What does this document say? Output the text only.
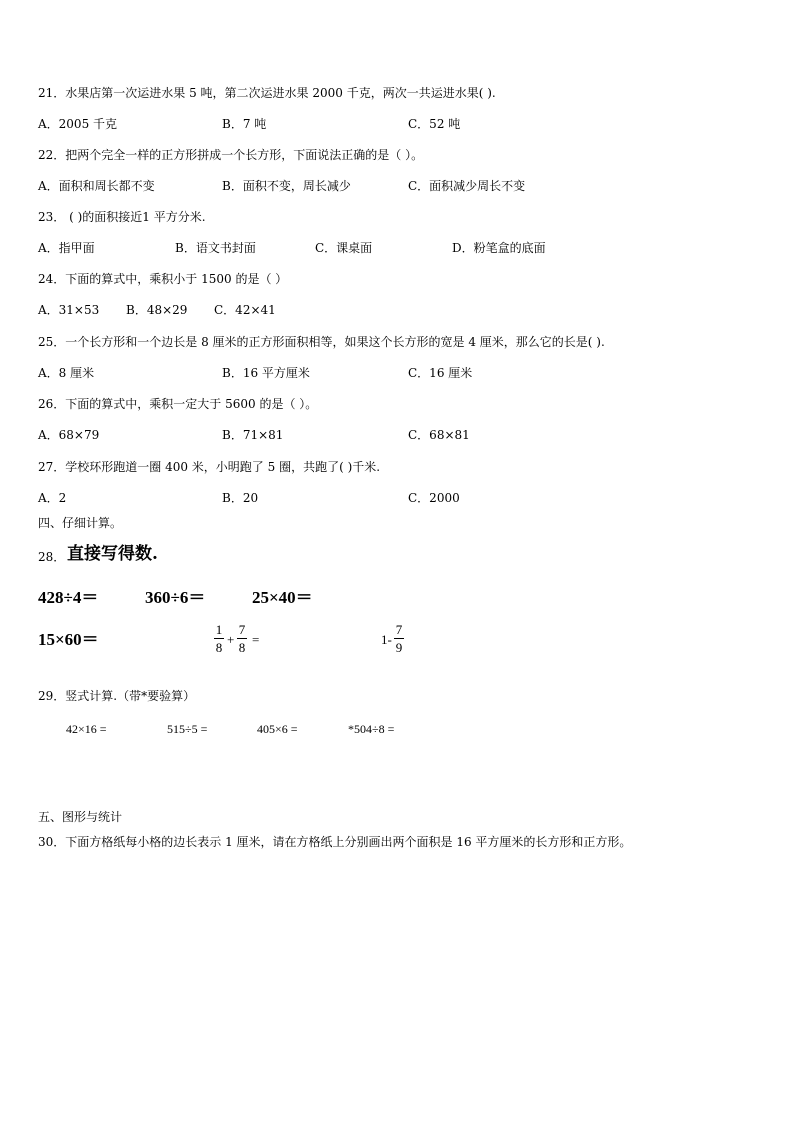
21．水果店第一次运进水果 5 吨，第二次运进水果 2000 千克，两次一共运进水果( ).
A．2005 千克	B．7 吨	C．52 吨
22．把两个完全一样的正方形拼成一个长方形，下面说法正确的是（ ）。
A．面积和周长都不变	B．面积不变，周长减少	C．面积减少周长不变
23． ( )的面积接近1 平方分米.
A．指甲面	B．语文书封面	C．课桌面	D．粉笔盒的底面
24．下面的算式中，乘积小于 1500 的是（ ）
A．31×53 B．48×29 C．42×41
25．一个长方形和一个边长是 8 厘米的正方形面积相等，如果这个长方形的宽是 4 厘米，那么它的长是( ).
A．8 厘米	B．16 平方厘米	C．16 厘米
26．下面的算式中，乘积一定大于 5600 的是（ ）。
A．68×79	B．71×81	C．68×81
27．学校环形跑道一圈 400 米，小明跑了 5 圈，共跑了( )千米.
A．2	B．20	C．2000
四、仔细计算。
28． 直接写得数.
428÷4＝	360÷6＝	25×40＝
15×60＝
1
8
+
7
8
=	1-
7
9
29．竖式计算.（带*要验算）
42×16 =	515÷5 =	405×6 =	*504÷8 =
五、图形与统计
30．下面方格纸每小格的边长表示 1 厘米，请在方格纸上分别画出两个面积是 16 平方厘米的长方形和正方形。
